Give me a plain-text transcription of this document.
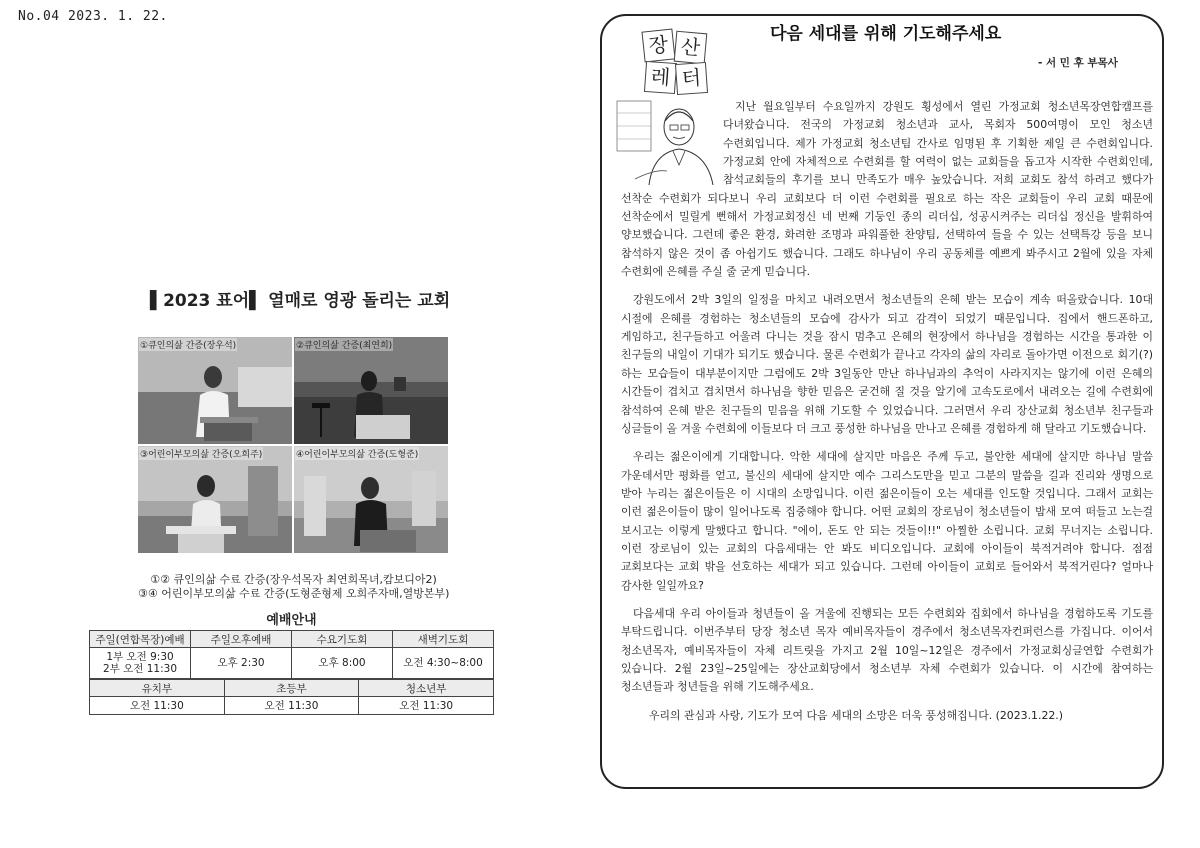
No.04 2023. 1. 22.
▌2023 표어▌ 열매로 영광 돌리는 교회
①큐인의삶 간증(장우석)	②큐인의삶 간증(최연희)
③어린이부모의삶 간증(오희주)	④어린이부모의삶 간증(도형준)
①② 큐인의삶 수료 간증(장우석목자 최연희목녀,캄보디아2)
③④ 어린이부모의삶 수료 간증(도형준형제 오희주자매,열방본부)
예배안내
주일(연합목장)예배	주일오후예배	수요기도회	새벽기도회
1부 오전 9:30
2부 오전 11:30	오후 2:30	오후 8:00	오전 4:30~8:00
유치부	초등부	청소년부
오전 11:30	오전 11:30	오전 11:30
장 산
레 터
다음 세대를 위해 기도해주세요
- 서 민 후 부목사

지난 월요일부터 수요일까지 강원도 횡성에서 열린 가정교회 청소년목장연합캠프를 다녀왔습니다. 전국의 가정교회 청소년과 교사, 목회자 500여명이 모인 청소년 수련회입니다. 제가 가정교회 청소년팀 간사로 임명된 후 기획한 제일 큰 수련회입니다. 가정교회 안에 자체적으로 수련회를 할 여력이 없는 교회들을 돕고자 시작한 수련회인데, 참석교회들의 후기를 보니 만족도가 매우 높았습니다. 저희 교회도 참석 하려고 했다가 선착순 수련회가 되다보니 우리 교회보다 더 이런 수련회를 필요로 하는 작은 교회들이 우리 교회 때문에 선착순에서 밀릴게 뻔해서 가정교회정신 네 번째 기둥인 종의 리더십, 성공시켜주는 리더십 정신을 발휘하여 양보했습니다. 그런데 좋은 환경, 화려한 조명과 파워풀한 찬양팀, 선택하여 들을 수 있는 선택특강 등을 보니 참석하지 않은 것이 좀 아쉽기도 했습니다. 그래도 하나님이 우리 공동체를 예쁘게 봐주시고 2월에 있을 자체 수련회에 은혜를 주실 줄 굳게 믿습니다.

강원도에서 2박 3일의 일정을 마치고 내려오면서 청소년들의 은혜 받는 모습이 계속 떠올랐습니다. 10대 시절에 은혜를 경험하는 청소년들의 모습에 감사가 되고 감격이 되었기 때문입니다. 집에서 핸드폰하고, 게임하고, 친구들하고 어울려 다니는 것을 잠시 멈추고 은혜의 현장에서 하나님을 경험하는 시간을 통과한 이 친구들의 내일이 기대가 되기도 했습니다. 물론 수련회가 끝나고 각자의 삶의 자리로 돌아가면 이전으로 회기(?)하는 모습들이 대부분이지만 그럼에도 2박 3일동안 만난 하나님과의 추억이 사라지지는 않기에 이런 은혜의 시간들이 겹치고 겹치면서 하나님을 향한 믿음은 굳건해 질 것을 알기에 고속도로에서 내려오는 길에 수련회에 참석하여 은혜 받은 친구들의 믿음을 위해 기도할 수 있었습니다. 그러면서 우리 장산교회 청소년부 친구들과 싱글들이 올 겨울 수련회에 이들보다 더 크고 풍성한 하나님을 만나고 은혜를 경험하게 해 달라고 기도했습니다.

우리는 젊은이에게 기대합니다. 악한 세대에 살지만 마음은 주께 두고, 불안한 세대에 살지만 하나님 말씀 가운데서만 평화를 얻고, 불신의 세대에 살지만 예수 그리스도만을 믿고 그분의 말씀을 길과 진리와 생명으로 받아 누리는 젊은이들은 이 시대의 소망입니다. 이런 젊은이들이 오는 세대를 인도할 것입니다. 그래서 교회는 이런 젊은이들이 많이 일어나도록 집중해야 합니다. 어떤 교회의 장로님이 청소년들이 밤새 모여 떠들고 노는걸 보시고는 이렇게 말했다고 합니다. "에이, 돈도 안 되는 것들이!!" 아찔한 소립니다. 교회 무너지는 소립니다. 이런 장로님이 있는 교회의 다음세대는 안 봐도 비디오입니다. 교회에 아이들이 북적거려야 합니다. 점점 교회보다는 교회 밖을 선호하는 세대가 되고 있습니다. 그런데 아이들이 교회로 들어와서 북적거린다? 얼마나 감사한 일일까요?

다음세대 우리 아이들과 청년들이 올 겨울에 진행되는 모든 수련회와 집회에서 하나님을 경험하도록 기도를 부탁드립니다. 이번주부터 당장 청소년 목자 예비목자들이 경주에서 청소년목자컨퍼런스를 가집니다. 이어서 청소년목자, 예비목자들이 자체 리트릿을 가지고 2월 10일~12일은 경주에서 가정교회싱글연합 수련회가 있습니다. 2월 23일~25일에는 장산교회당에서 청소년부 자체 수련회가 있습니다. 이 시간에 참여하는 청소년들과 청년들을 위해 기도해주세요.

우리의 관심과 사랑, 기도가 모여 다음 세대의 소망은 더욱 풍성해집니다. (2023.1.22.)
